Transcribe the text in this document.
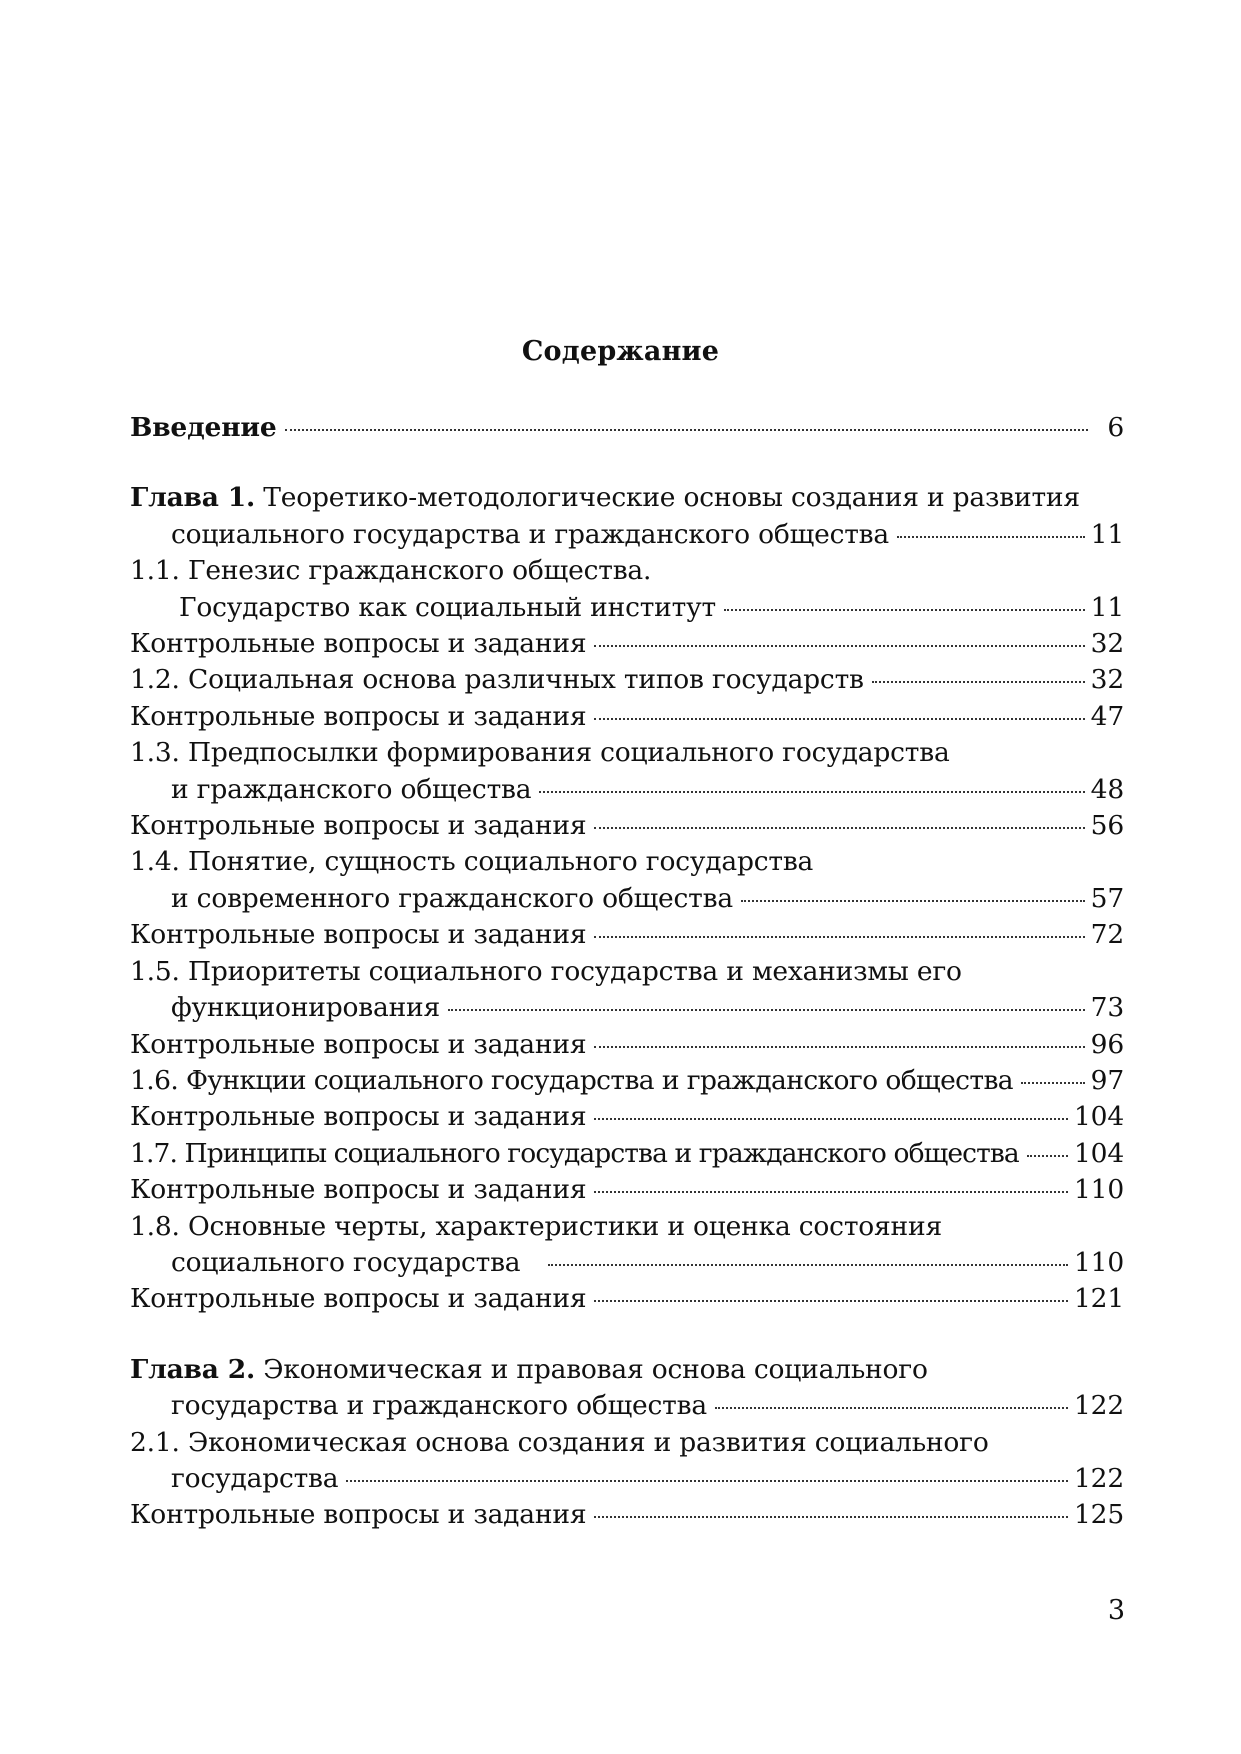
Содержание
Введение	6
Глава 1. Теоретико-методологические основы создания и развития
социального государства и гражданского общества	11
1.1. Генезис гражданского общества.
Государство как социальный институт	11
Контрольные вопросы и задания	32
1.2. Социальная основа различных типов государств	32
Контрольные вопросы и задания	47
1.3. Предпосылки формирования социального государства
и гражданского общества	48
Контрольные вопросы и задания	56
1.4. Понятие, сущность социального государства
и современного гражданского общества	57
Контрольные вопросы и задания	72
1.5. Приоритеты социального государства и механизмы его
функционирования	73
Контрольные вопросы и задания	96
1.6. Функции социального государства и гражданского общества	97
Контрольные вопросы и задания	104
1.7. Принципы социального государства и гражданского общества 104
Контрольные вопросы и задания	110
1.8. Основные черты, характеристики и оценка состояния
социального государства	110
Контрольные вопросы и задания	121
Глава 2. Экономическая и правовая основа социального
государства и гражданского общества	122
2.1. Экономическая основа создания и развития социального
государства	122
Контрольные вопросы и задания	125
3
